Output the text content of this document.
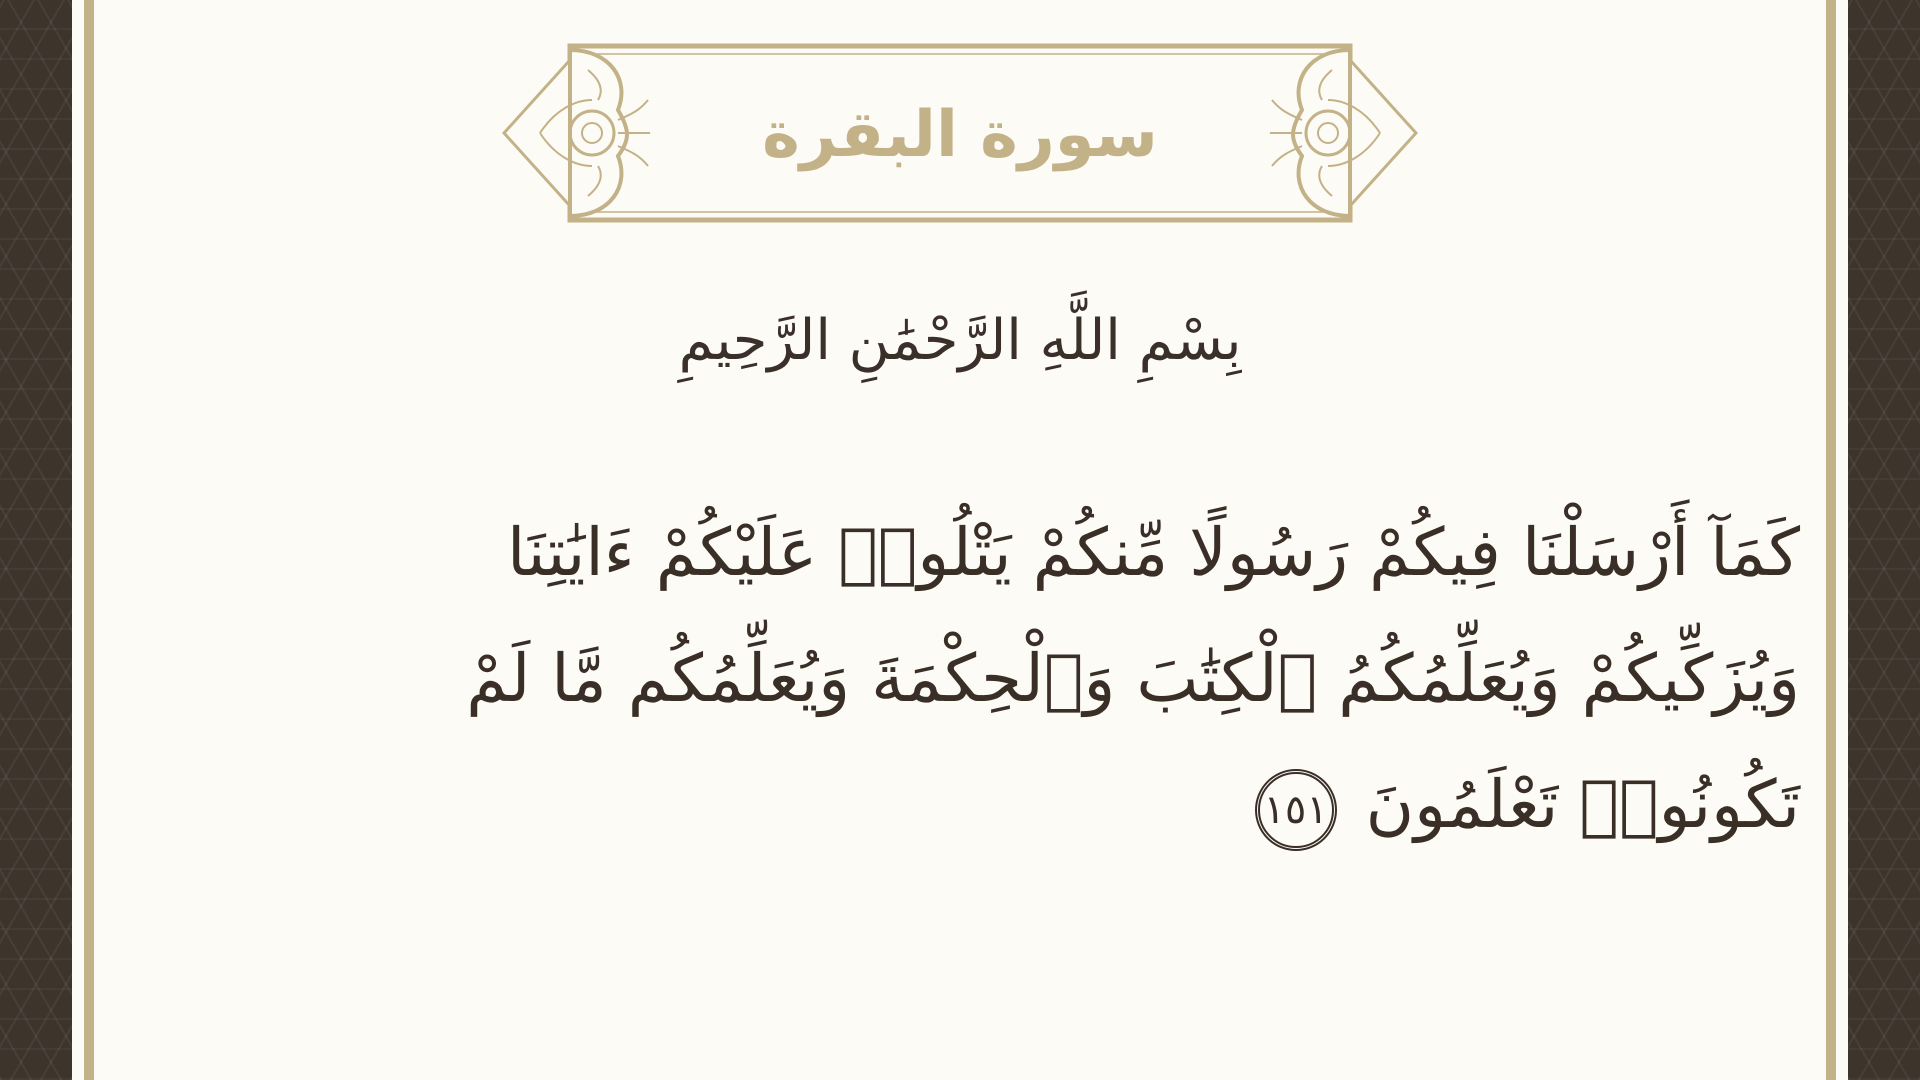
سورة البقرة
بِسْمِ اللَّهِ الرَّحْمَٰنِ الرَّحِيمِ
كَمَآ أَرْسَلْنَا فِيكُمْ رَسُولًا مِّنكُمْ يَتْلُوا۟ عَلَيْكُمْ ءَايَٰتِنَا وَيُزَكِّيكُمْ وَيُعَلِّمُكُمُ ٱلْكِتَٰبَ وَٱلْحِكْمَةَ وَيُعَلِّمُكُم مَّا لَمْ تَكُونُوا۟ تَعْلَمُونَ ١٥١
